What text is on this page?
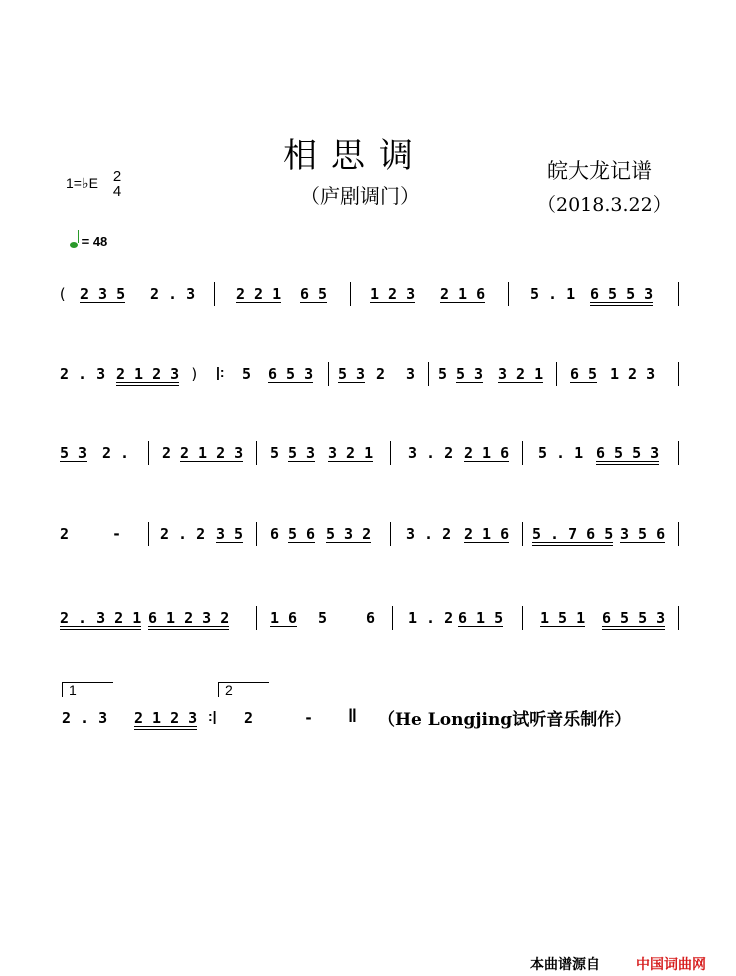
相思调
（庐剧调门）
皖大龙记谱
（2018.3.22）
1=♭E 2
4
= 48
( 2 3 5 2 . 3	2 2 1 6 5	1 2 3 2 1 6	5 . 1 6 5 5 3
2 . 3 2 1 2 3 ) |: 5 6 5 3 5 3 2 3 5 5 3 3 2 1 6 5 1 2 3
5 3 2 . 2 2 1 2 3 5 5 3 3 2 1 3 . 2 2 1 6 5 . 1 6 5 5 3
2	-	2 . 2 3 5 6 5 6 5 3 2 3 . 2 2 1 6 5 . 7 6 5 3 5 6
2 . 3 2 1 6 1 2 3 2	1 6 5	6 1 . 2 6 1 5 1 5 1 6 5 5 3
1	2
2 . 3 2 1 2 3 :| 2	- ‖ （He Longjing试听音乐制作）
本曲谱源自	中国词曲网
